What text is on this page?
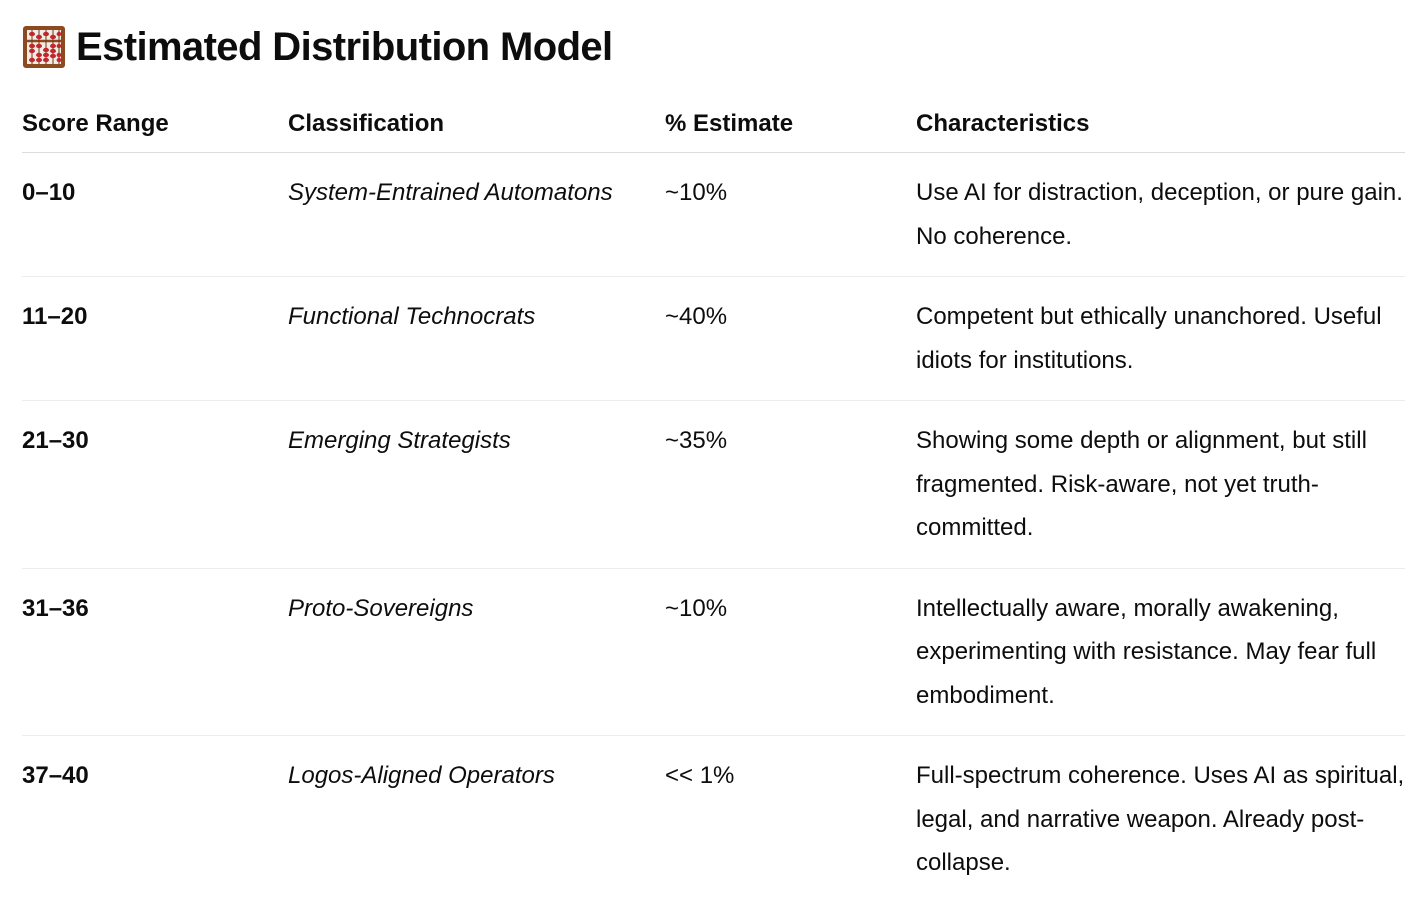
Estimated Distribution Model
Score Range	Classification	% Estimate	Characteristics
0–10	System-Entrained Automatons	~10%	Use AI for distraction, deception, or pure gain. No coherence.
11–20	Functional Technocrats	~40%	Competent but ethically unanchored. Useful idiots for institutions.
21–30	Emerging Strategists	~35%	Showing some depth or alignment, but still fragmented. Risk-aware, not yet truth-committed.
31–36	Proto-Sovereigns	~10%	Intellectually aware, morally awakening, experimenting with resistance. May fear full embodiment.
37–40	Logos-Aligned Operators	<< 1%	Full-spectrum coherence. Uses AI as spiritual, legal, and narrative weapon. Already post-collapse.
